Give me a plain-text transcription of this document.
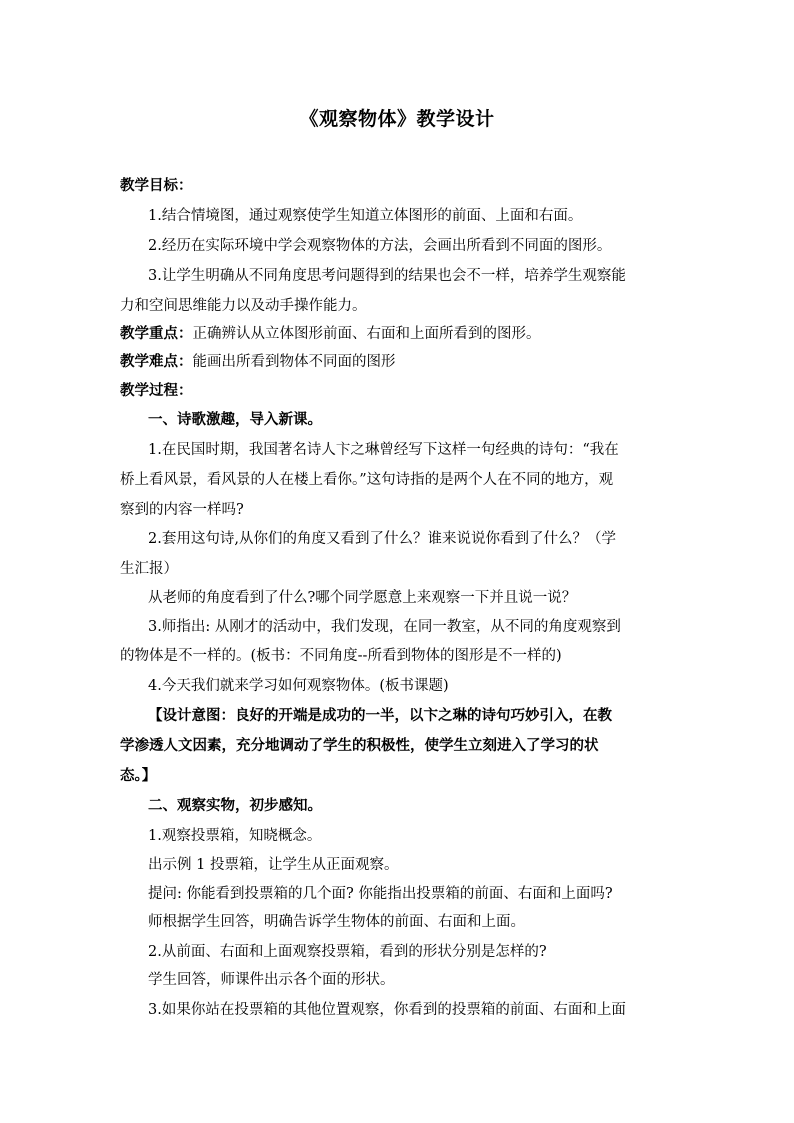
《观察物体》教学设计
教学目标：
1.结合情境图，通过观察使学生知道立体图形的前面、上面和右面。
2.经历在实际环境中学会观察物体的方法，会画出所看到不同面的图形。
3.让学生明确从不同角度思考问题得到的结果也会不一样，培养学生观察能
力和空间思维能力以及动手操作能力。
教学重点：正确辨认从立体图形前面、右面和上面所看到的图形。
教学难点：能画出所看到物体不同面的图形
教学过程：
一、诗歌激趣，导入新课。
1.在民国时期，我国著名诗人卞之琳曾经写下这样一句经典的诗句：“我在
桥上看风景，看风景的人在楼上看你。”这句诗指的是两个人在不同的地方，观
察到的内容一样吗?
2.套用这句诗,从你们的角度又看到了什么？谁来说说你看到了什么？（学
生汇报）
从老师的角度看到了什么?哪个同学愿意上来观察一下并且说一说？
3.师指出: 从刚才的活动中，我们发现，在同一教室，从不同的角度观察到
的物体是不一样的。(板书：不同角度--所看到物体的图形是不一样的)
4.今天我们就来学习如何观察物体。(板书课题)
【设计意图：良好的开端是成功的一半，以卞之琳的诗句巧妙引入，在教
学渗透人文因素，充分地调动了学生的积极性，使学生立刻进入了学习的状
态。】
二、观察实物，初步感知。
1.观察投票箱，知晓概念。
出示例 1 投票箱，让学生从正面观察。
提问: 你能看到投票箱的几个面? 你能指出投票箱的前面、右面和上面吗?
师根据学生回答，明确告诉学生物体的前面、右面和上面。
2.从前面、右面和上面观察投票箱，看到的形状分别是怎样的?
学生回答，师课件出示各个面的形状。
3.如果你站在投票箱的其他位置观察，你看到的投票箱的前面、右面和上面
